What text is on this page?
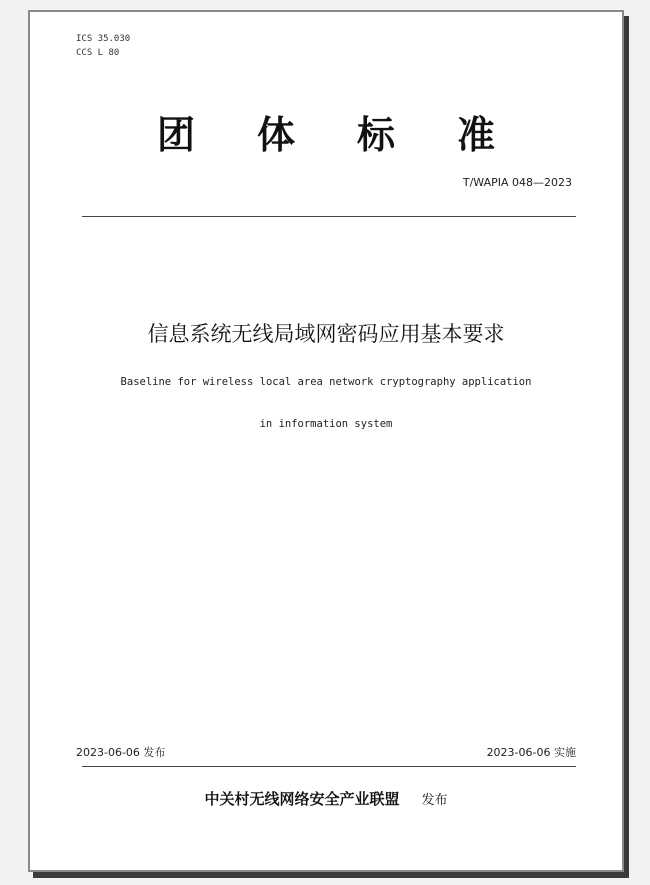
ICS 35.030
CCS L 80
团 体 标 准
T/WAPIA 048—2023
信息系统无线局域网密码应用基本要求
Baseline for wireless local area network cryptography application
in information system
2023-06-06 发布	2023-06-06 实施
中关村无线网络安全产业联盟 发布
